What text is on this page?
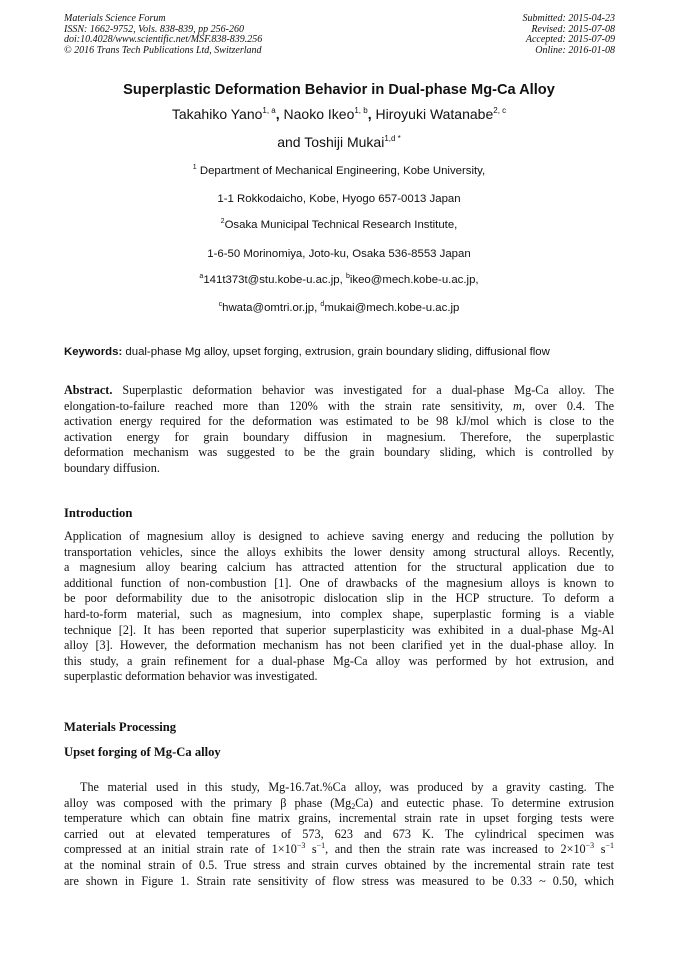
Materials Science Forum
ISSN: 1662-9752, Vols. 838-839, pp 256-260
doi:10.4028/www.scientific.net/MSF.838-839.256
© 2016 Trans Tech Publications Ltd, Switzerland
Submitted: 2015-04-23
Revised: 2015-07-08
Accepted: 2015-07-09
Online: 2016-01-08
Superplastic Deformation Behavior in Dual-phase Mg-Ca Alloy
Takahiko Yano$^{1, a}$, Naoko Ikeo$^{1, b}$, Hiroyuki Watanabe$^{2, c}$
and Toshiji Mukai$^{1,d *}$
$^1$ Department of Mechanical Engineering, Kobe University,
1-1 Rokkodaicho, Kobe, Hyogo 657-0013 Japan
$^2$Osaka Municipal Technical Research Institute,
1-6-50 Morinomiya, Joto-ku, Osaka 536-8553 Japan
$^a$141t373t@stu.kobe-u.ac.jp, $^b$ikeo@mech.kobe-u.ac.jp,
$^c$hwata@omtri.or.jp, $^d$mukai@mech.kobe-u.ac.jp
Keywords: dual-phase Mg alloy, upset forging, extrusion, grain boundary sliding, diffusional flow
Abstract. Superplastic deformation behavior was investigated for a dual-phase Mg-Ca alloy. The
elongation-to-failure reached more than 120% with the strain rate sensitivity, m, over 0.4. The
activation energy required for the deformation was estimated to be 98 kJ/mol which is close to the
activation energy for grain boundary diffusion in magnesium. Therefore, the superplastic
deformation mechanism was suggested to be the grain boundary sliding, which is controlled by
boundary diffusion.
Introduction
Application of magnesium alloy is designed to achieve saving energy and reducing the pollution by
transportation vehicles, since the alloys exhibits the lower density among structural alloys. Recently,
a magnesium alloy bearing calcium has attracted attention for the structural application due to
additional function of non-combustion [1]. One of drawbacks of the magnesium alloys is known to
be poor deformability due to the anisotropic dislocation slip in the HCP structure. To deform a
hard-to-form material, such as magnesium, into complex shape, superplastic forming is a viable
technique [2]. It has been reported that superior superplasticity was exhibited in a dual-phase Mg-Al
alloy [3]. However, the deformation mechanism has not been clarified yet in the dual-phase alloy. In
this study, a grain refinement for a dual-phase Mg-Ca alloy was performed by hot extrusion, and
superplastic deformation behavior was investigated.
Materials Processing
Upset forging of Mg-Ca alloy
The material used in this study, Mg-16.7at.%Ca alloy, was produced by a gravity casting. The
alloy was composed with the primary β phase $(Mg_2Ca)$ and eutectic phase. To determine extrusion
temperature which can obtain fine matrix grains, incremental strain rate in upset forging tests were
carried out at elevated temperatures of 573, 623 and 673 K. The cylindrical specimen was
compressed at an initial strain rate of $1\times 10^{-3}$ $s^{-1}$, and then the strain rate was increased to $2\times 10^{-3}$ $s^{-1}$
at the nominal strain of 0.5. True stress and strain curves obtained by the incremental strain rate test
are shown in Figure 1. Strain rate sensitivity of flow stress was measured to be 0.33 ~ 0.50, which
